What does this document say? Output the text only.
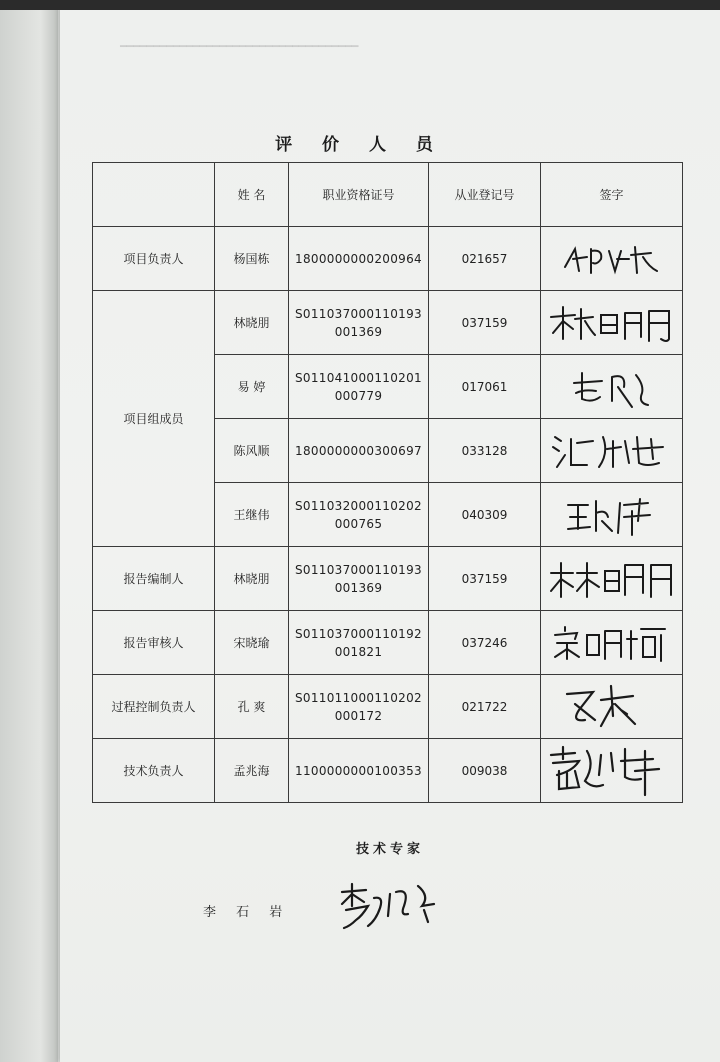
━━━━━━━━━━━━━━━━━━━━━━━━━━━━━━━━━━━━
评 价 人 员
	姓 名	职业资格证号	从业登记号	签字
项目负责人	杨国栋	1800000000200964	021657	

项目组成员	林晓朋	S011037000110193001369	037159	

	易 婷	S011041000110201000779	017061	

	陈风顺	1800000000300697	033128	

	王继伟	S011032000110202000765	040309	

报告编制人	林晓朋	S011037000110193001369	037159	

报告审核人	宋晓瑜	S011037000110192001821	037246	

过程控制负责人	孔 爽	S011011000110202000172	021722	

技术负责人	孟兆海	1100000000100353	009038	
技术专家
李 石 岩
